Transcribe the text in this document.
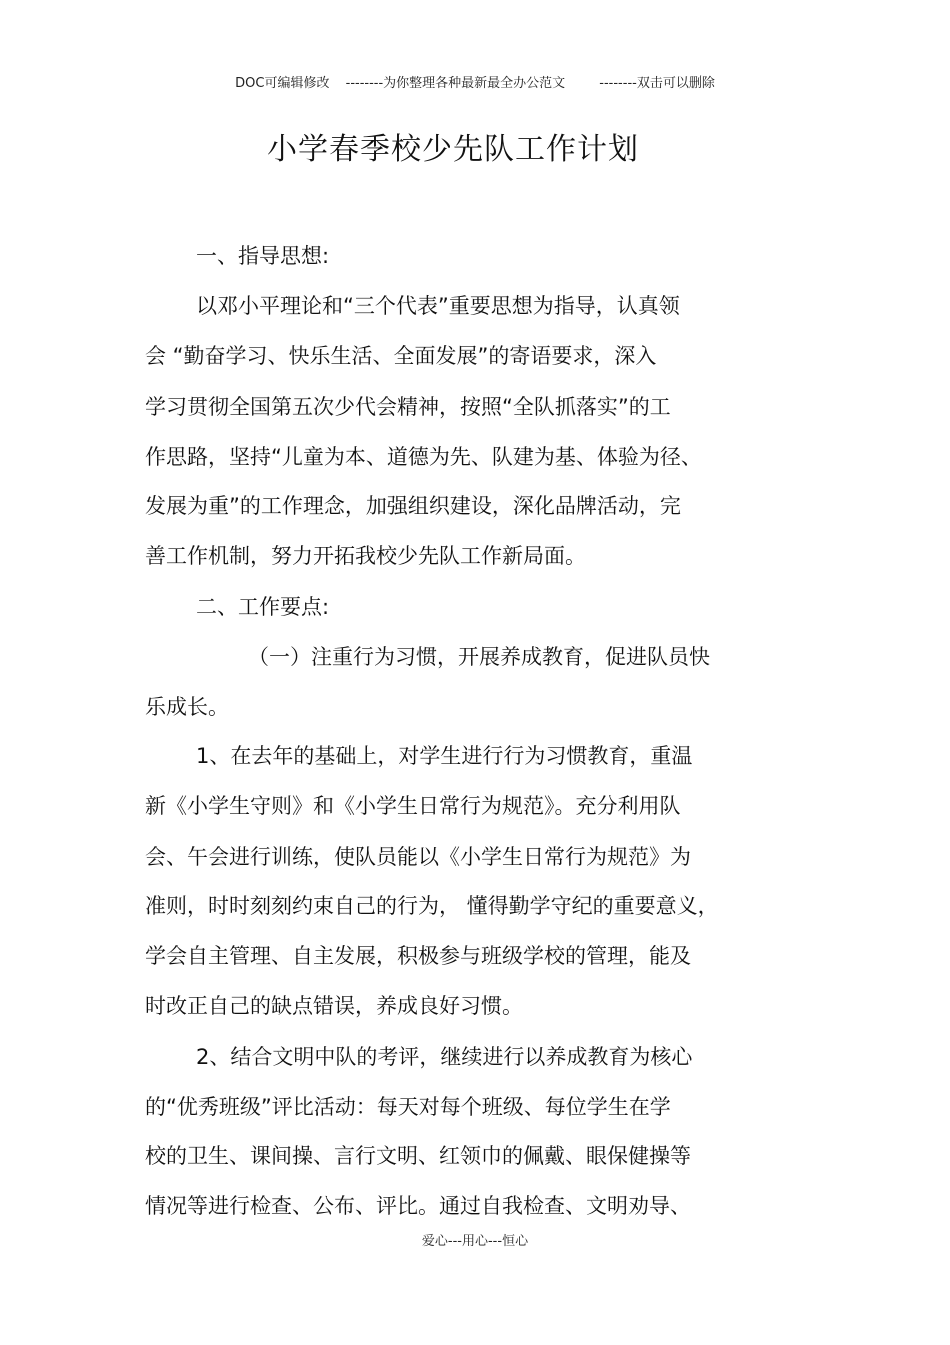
DOC可编辑修改 --------为你整理各种最新最全办公范文	--------双击可以删除
小学春季校少先队工作计划
一、指导思想:
以邓小平理论和“三个代表”重要思想为指导，认真领
会 “勤奋学习、快乐生活、全面发展”的寄语要求，深入
学习贯彻全国第五次少代会精神，按照“全队抓落实”的工
作思路，坚持“儿童为本、道德为先、队建为基、体验为径、
发展为重”的工作理念，加强组织建设，深化品牌活动，完
善工作机制，努力开拓我校少先队工作新局面。
二、工作要点:
（一）注重行为习惯，开展养成教育，促进队员快
乐成长。
1、在去年的基础上，对学生进行行为习惯教育，重温
新《小学生守则》和《小学生日常行为规范》。充分利用队
会、午会进行训练，使队员能以《小学生日常行为规范》为
准则，时时刻刻约束自己的行为， 懂得勤学守纪的重要意义，
学会自主管理、自主发展，积极参与班级学校的管理，能及
时改正自己的缺点错误，养成良好习惯。
2、结合文明中队的考评，继续进行以养成教育为核心
的“优秀班级”评比活动：每天对每个班级、每位学生在学
校的卫生、课间操、言行文明、红领巾的佩戴、眼保健操等
情况等进行检查、公布、评比。通过自我检查、文明劝导、
爱心---用心---恒心
